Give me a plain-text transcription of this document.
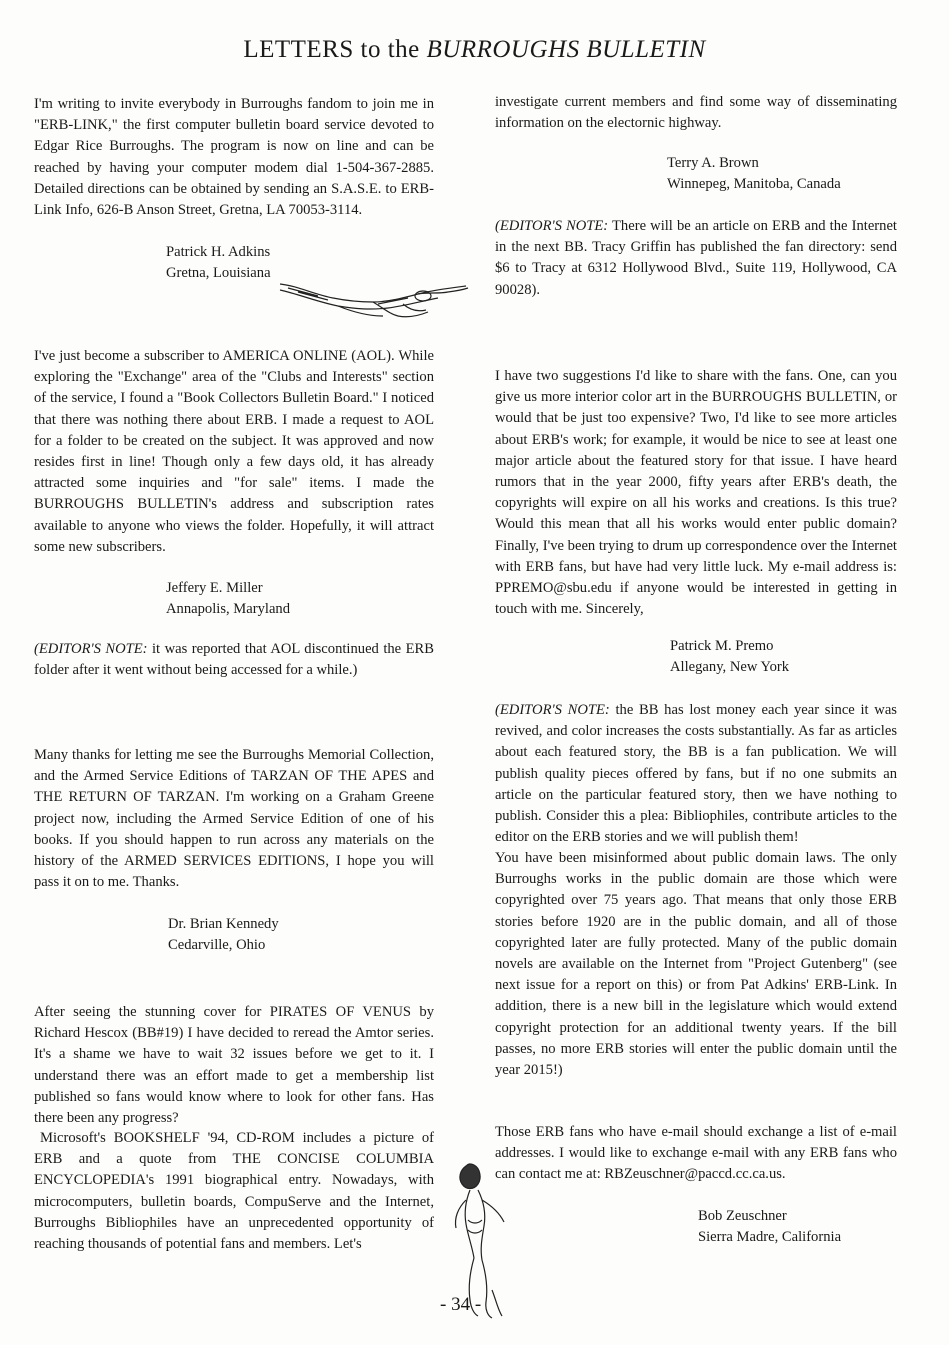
LETTERS to the BURROUGHS BULLETIN
I'm writing to invite everybody in Burroughs fandom to join me in "ERB-LINK," the first computer bulletin board service devoted to Edgar Rice Burroughs. The program is now on line and can be reached by having your computer modem dial 1-504-367-2885. Detailed directions can be obtained by sending an S.A.S.E. to ERB-Link Info, 626-B Anson Street, Gretna, LA 70053-3114.
Patrick H. Adkins
Gretna, Louisiana
I've just become a subscriber to AMERICA ONLINE (AOL). While exploring the "Exchange" area of the "Clubs and Interests" section of the service, I found a "Book Collectors Bulletin Board." I noticed that there was nothing there about ERB. I made a request to AOL for a folder to be created on the subject. It was approved and now resides first in line! Though only a few days old, it has already attracted some inquiries and "for sale" items. I made the BURROUGHS BULLETIN's address and subscription rates available to anyone who views the folder. Hopefully, it will attract some new subscribers.
Jeffery E. Miller
Annapolis, Maryland
(EDITOR'S NOTE: it was reported that AOL discontinued the ERB folder after it went without being accessed for a while.)
Many thanks for letting me see the Burroughs Memorial Collection, and the Armed Service Editions of TARZAN OF THE APES and THE RETURN OF TARZAN. I'm working on a Graham Greene project now, including the Armed Service Edition of one of his books. If you should happen to run across any materials on the history of the ARMED SERVICES EDITIONS, I hope you will pass it on to me. Thanks.
Dr. Brian Kennedy
Cedarville, Ohio
After seeing the stunning cover for PIRATES OF VENUS by Richard Hescox (BB#19) I have decided to reread the Amtor series. It's a shame we have to wait 32 issues before we get to it. I understand there was an effort made to get a membership list published so fans would know where to look for other fans. Has there been any progress?
Microsoft's BOOKSHELF '94, CD-ROM includes a picture of ERB and a quote from THE CONCISE COLUMBIA ENCYCLOPEDIA's 1991 biographical entry. Nowadays, with microcomputers, bulletin boards, CompuServe and the Internet, Burroughs Bibliophiles have an unprecedented opportunity of reaching thousands of potential fans and members. Let's
investigate current members and find some way of disseminating information on the electornic highway.
Terry A. Brown
Winnepeg, Manitoba, Canada
(EDITOR'S NOTE: There will be an article on ERB and the Internet in the next BB. Tracy Griffin has published the fan directory: send $6 to Tracy at 6312 Hollywood Blvd., Suite 119, Hollywood, CA 90028).
I have two suggestions I'd like to share with the fans. One, can you give us more interior color art in the BURROUGHS BULLETIN, or would that be just too expensive? Two, I'd like to see more articles about ERB's work; for example, it would be nice to see at least one major article about the featured story for that issue. I have heard rumors that in the year 2000, fifty years after ERB's death, the copyrights will expire on all his works and creations. Is this true? Would this mean that all his works would enter public domain? Finally, I've been trying to drum up correspondence over the Internet with ERB fans, but have had very little luck. My e-mail address is: PPREMO@sbu.edu if anyone would be interested in getting in touch with me. Sincerely,
Patrick M. Premo
Allegany, New York
(EDITOR'S NOTE: the BB has lost money each year since it was revived, and color increases the costs substantially. As far as articles about each featured story, the BB is a fan publication. We will publish quality pieces offered by fans, but if no one submits an article on the particular featured story, then we have nothing to publish. Consider this a plea: Bibliophiles, contribute articles to the editor on the ERB stories and we will publish them!
You have been misinformed about public domain laws. The only Burroughs works in the public domain are those which were copyrighted over 75 years ago. That means that only those ERB stories before 1920 are in the public domain, and all of those copyrighted later are fully protected. Many of the public domain novels are available on the Internet from "Project Gutenberg" (see next issue for a report on this) or from Pat Adkins' ERB-Link. In addition, there is a new bill in the legislature which would extend copyright protection for an additional twenty years. If the bill passes, no more ERB stories will enter the public domain until the year 2015!)
Those ERB fans who have e-mail should exchange a list of e-mail addresses. I would like to exchange e-mail with any ERB fans who can contact me at: RBZeuschner@paccd.cc.ca.us.
Bob Zeuschner
Sierra Madre, California
- 34 -
